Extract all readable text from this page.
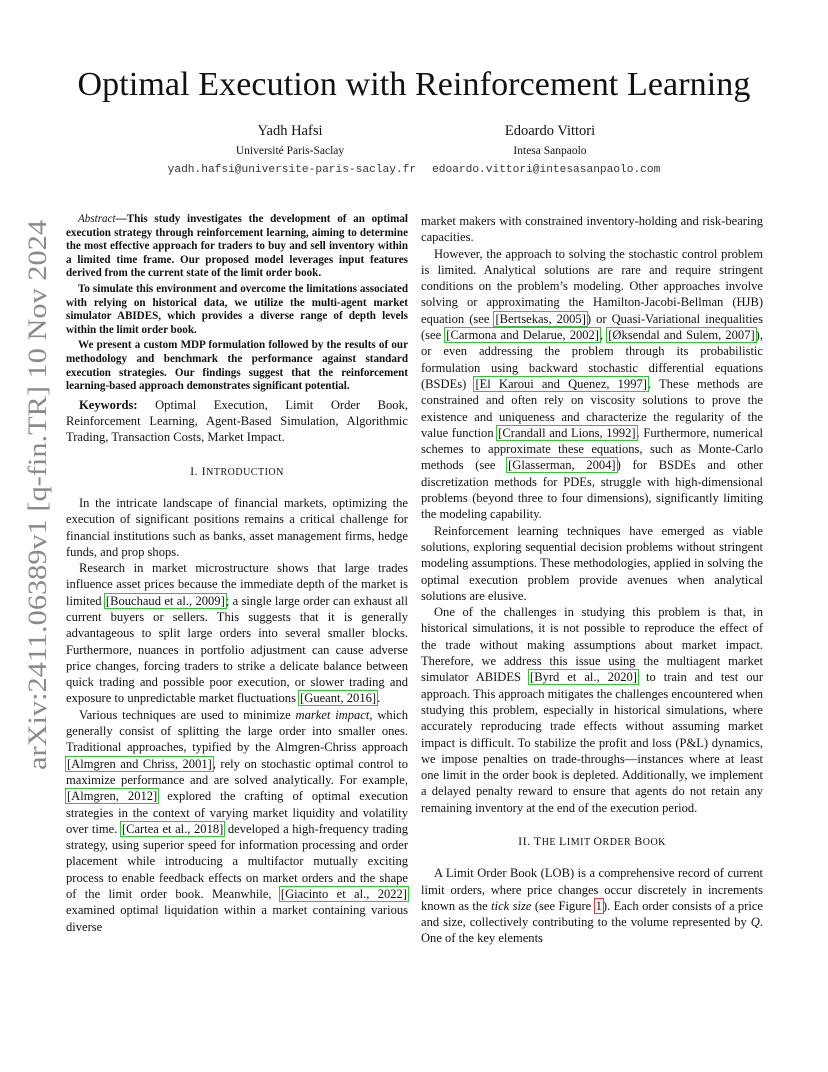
arXiv:2411.06389v1 [q-fin.TR] 10 Nov 2024
Optimal Execution with Reinforcement Learning
Yadh Hafsi
Université Paris-Saclay
Edoardo Vittori
Intesa Sanpaolo
yadh.hafsi@universite-paris-saclay.fr edoardo.vittori@intesasanpaolo.com

Abstract—This study investigates the development of an optimal execution strategy through reinforcement learning, aiming to determine the most effective approach for traders to buy and sell inventory within a limited time frame. Our proposed model leverages input features derived from the current state of the limit order book.

To simulate this environment and overcome the limitations associated with relying on historical data, we utilize the multi-agent market simulator ABIDES, which provides a diverse range of depth levels within the limit order book.

We present a custom MDP formulation followed by the results of our methodology and benchmark the performance against standard execution strategies. Our findings suggest that the reinforcement learning-based approach demonstrates significant potential.

Keywords: Optimal Execution, Limit Order Book, Reinforcement Learning, Agent-Based Simulation, Algorithmic Trading, Transaction Costs, Market Impact.

I. INTRODUCTION

In the intricate landscape of financial markets, optimizing the execution of significant positions remains a critical challenge for financial institutions such as banks, asset management firms, hedge funds, and prop shops.

Research in market microstructure shows that large trades influence asset prices because the immediate depth of the market is limited [Bouchaud et al., 2009]; a single large order can exhaust all current buyers or sellers. This suggests that it is generally advantageous to split large orders into several smaller blocks. Furthermore, nuances in portfolio adjustment can cause adverse price changes, forcing traders to strike a delicate balance between quick trading and possible poor execution, or slower trading and exposure to unpredictable market fluctuations [Gueant, 2016].

Various techniques are used to minimize market impact, which generally consist of splitting the large order into smaller ones. Traditional approaches, typified by the Almgren-Chriss approach [Almgren and Chriss, 2001], rely on stochastic optimal control to maximize performance and are solved analytically. For example, [Almgren, 2012] explored the crafting of optimal execution strategies in the context of varying market liquidity and volatility over time. [Cartea et al., 2018] developed a high-frequency trading strategy, using superior speed for information processing and order placement while introducing a multifactor mutually exciting process to enable feedback effects on market orders and the shape of the limit order book. Meanwhile, [Giacinto et al., 2022] examined optimal liquidation within a market containing various diverse

market makers with constrained inventory-holding and risk-bearing capacities.

However, the approach to solving the stochastic control problem is limited. Analytical solutions are rare and require stringent conditions on the problem’s modeling. Other approaches involve solving or approximating the Hamilton-Jacobi-Bellman (HJB) equation (see [Bertsekas, 2005]) or Quasi-Variational inequalities (see [Carmona and Delarue, 2002], [Øksendal and Sulem, 2007]), or even addressing the problem through its probabilistic formulation using backward stochastic differential equations (BSDEs) [El Karoui and Quenez, 1997]. These methods are constrained and often rely on viscosity solutions to prove the existence and uniqueness and characterize the regularity of the value function [Crandall and Lions, 1992]. Furthermore, numerical schemes to approximate these equations, such as Monte-Carlo methods (see [Glasserman, 2004]) for BSDEs and other discretization methods for PDEs, struggle with high-dimensional problems (beyond three to four dimensions), significantly limiting the modeling capability.

Reinforcement learning techniques have emerged as viable solutions, exploring sequential decision problems without stringent modeling assumptions. These methodologies, applied in solving the optimal execution problem provide avenues when analytical solutions are elusive.

One of the challenges in studying this problem is that, in historical simulations, it is not possible to reproduce the effect of the trade without making assumptions about market impact. Therefore, we address this issue using the multiagent market simulator ABIDES [Byrd et al., 2020] to train and test our approach. This approach mitigates the challenges encountered when studying this problem, especially in historical simulations, where accurately reproducing trade effects without assuming market impact is difficult. To stabilize the profit and loss (P&L) dynamics, we impose penalties on trade-throughs—instances where at least one limit in the order book is depleted. Additionally, we implement a delayed penalty reward to ensure that agents do not retain any remaining inventory at the end of the execution period.

II. THE LIMIT ORDER BOOK

A Limit Order Book (LOB) is a comprehensive record of current limit orders, where price changes occur discretely in increments known as the tick size (see Figure 1). Each order consists of a price and size, collectively contributing to the volume represented by Q. One of the key elements
